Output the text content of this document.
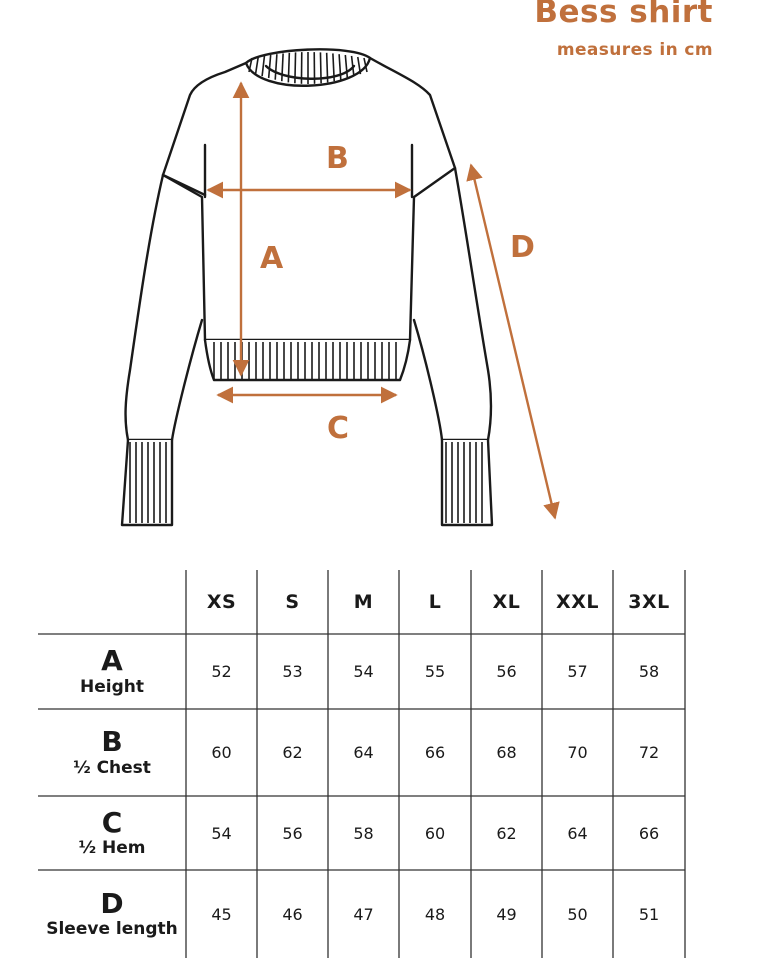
Bess shirt
measures in cm
A
B
C
D
XS	S	M	L	XL	XXL	3XL
A
Height
52	53	54	55	56	57	58
B
½ Chest
60	62	64	66	68	70	72
C
½ Hem
54	56	58	60	62	64	66
D
Sleeve length
45	46	47	48	49	50	51
